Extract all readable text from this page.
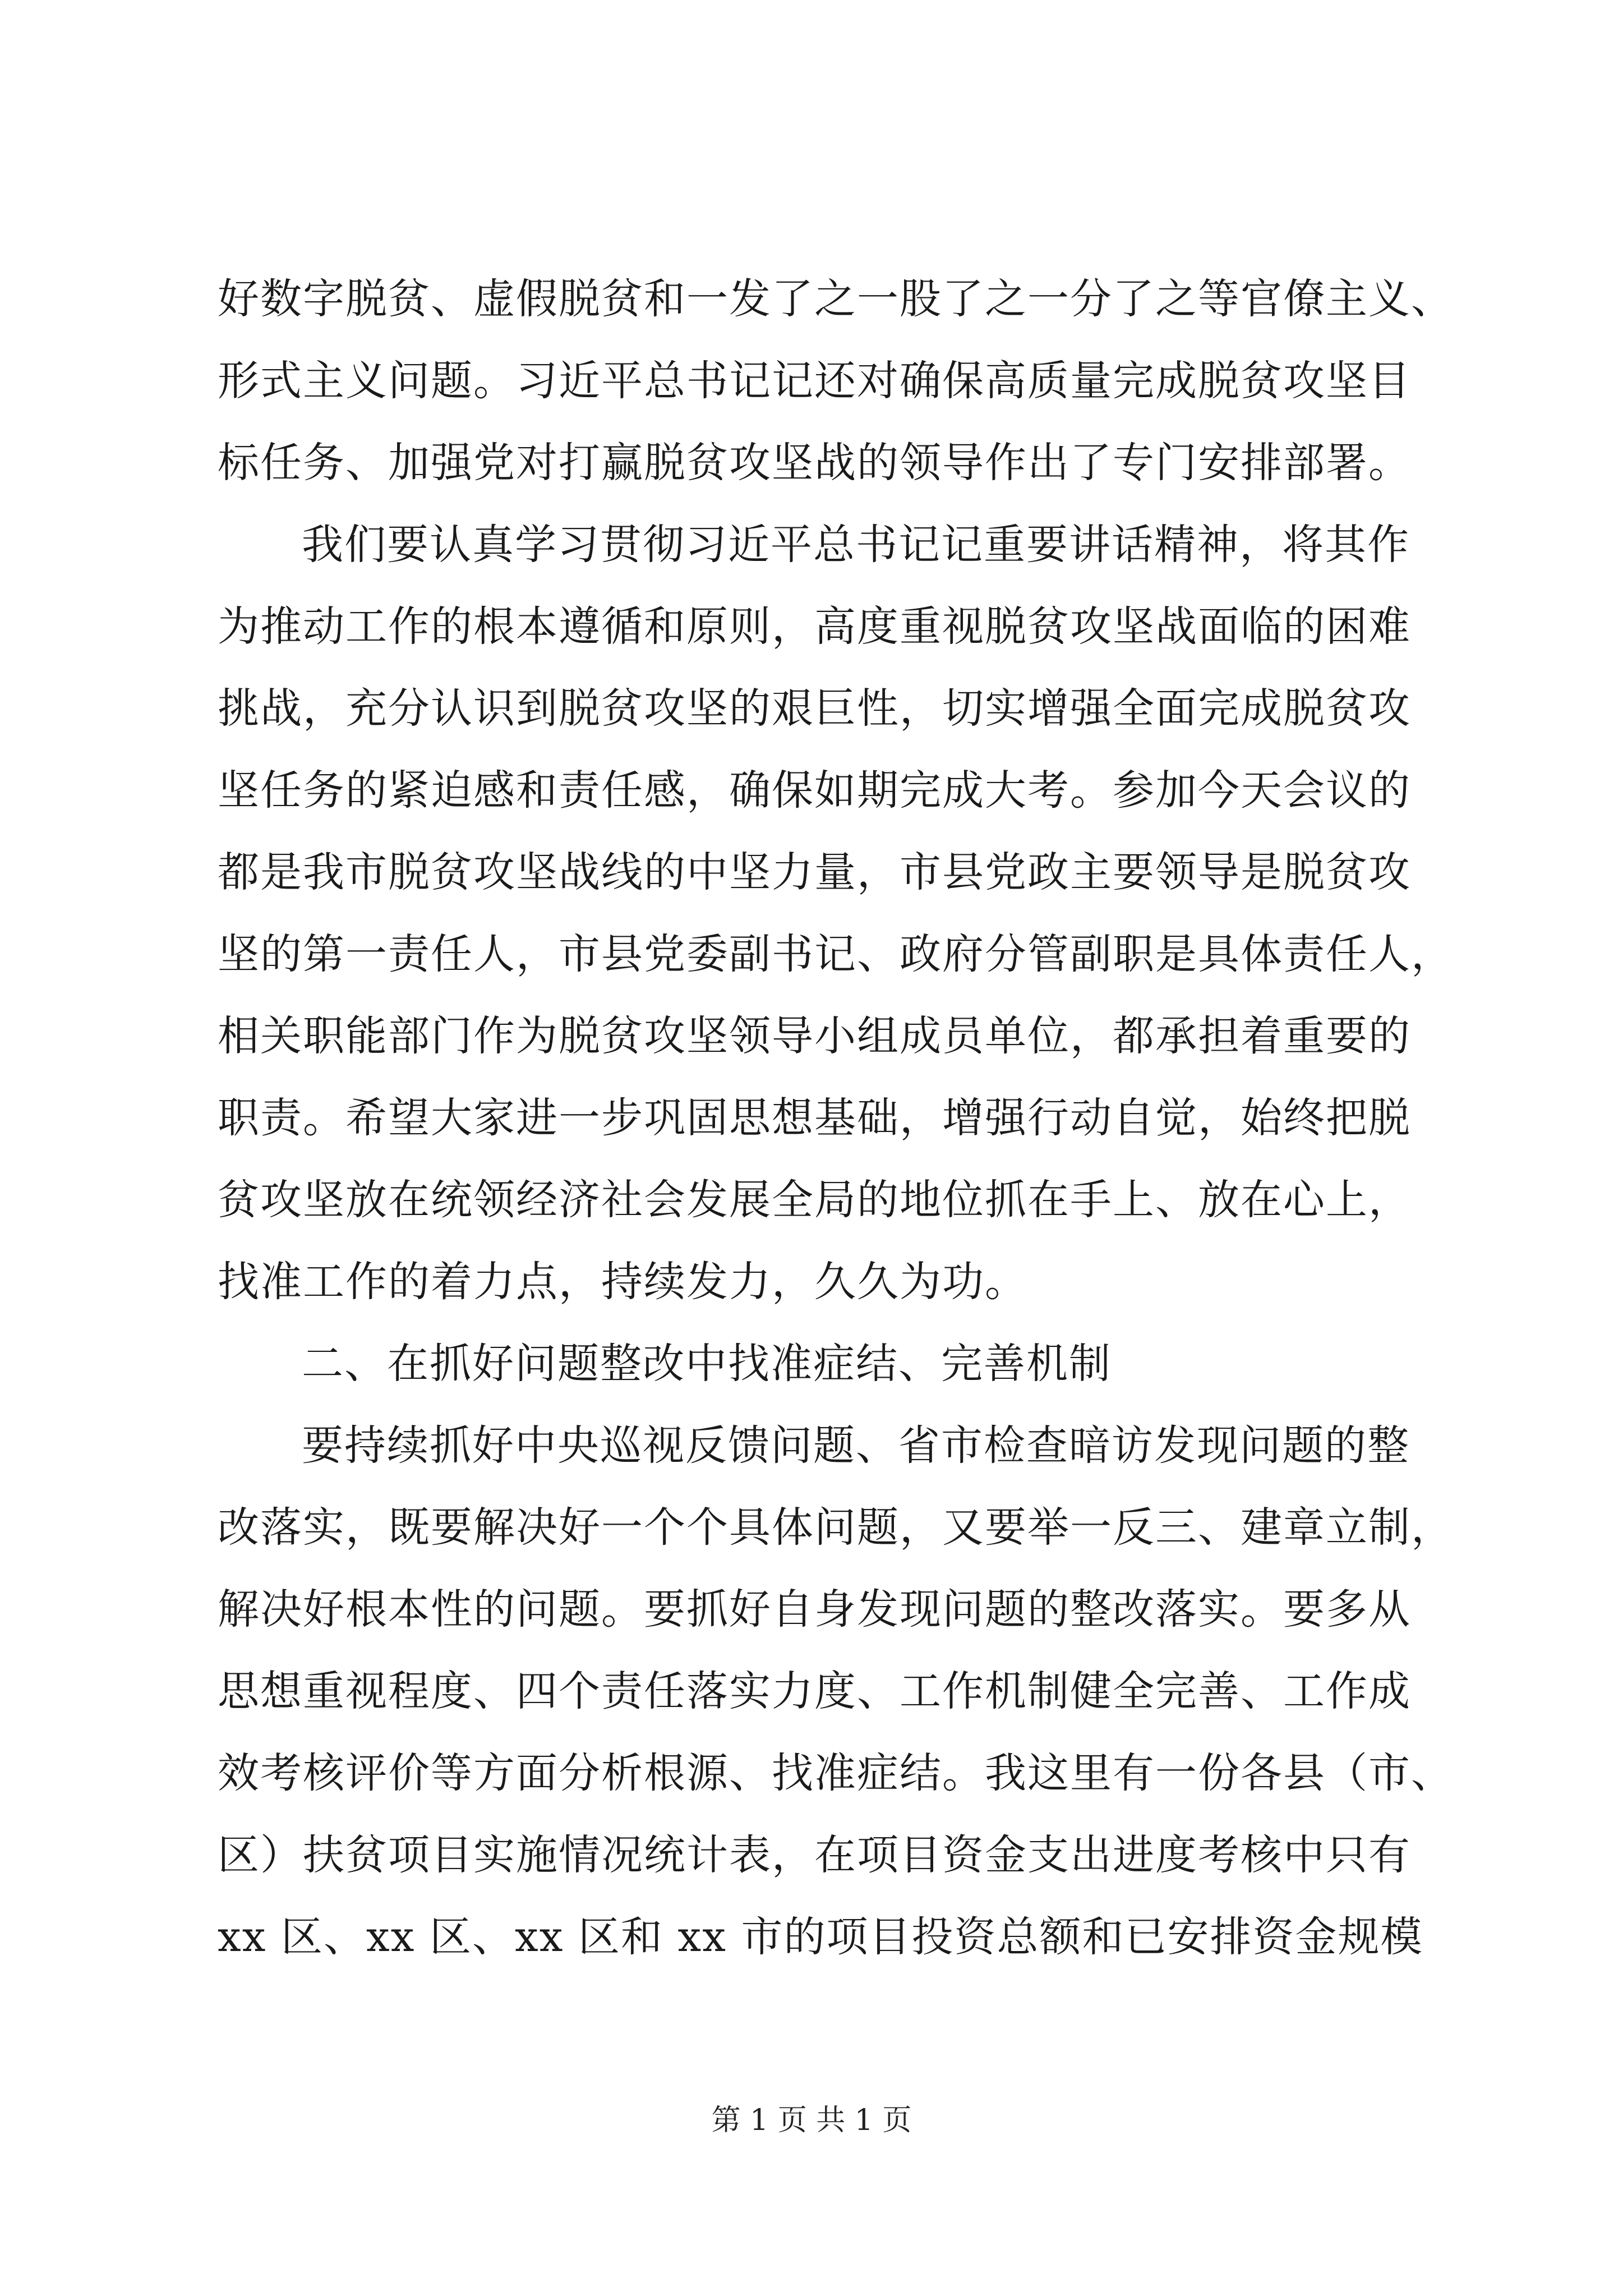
好数字脱贫、虚假脱贫和一发了之一股了之一分了之等官僚主义、
形式主义问题。习近平总书记记还对确保高质量完成脱贫攻坚目
标任务、加强党对打赢脱贫攻坚战的领导作出了专门安排部署。
我们要认真学习贯彻习近平总书记记重要讲话精神，将其作
为推动工作的根本遵循和原则，高度重视脱贫攻坚战面临的困难
挑战，充分认识到脱贫攻坚的艰巨性，切实增强全面完成脱贫攻
坚任务的紧迫感和责任感，确保如期完成大考。参加今天会议的
都是我市脱贫攻坚战线的中坚力量，市县党政主要领导是脱贫攻
坚的第一责任人，市县党委副书记、政府分管副职是具体责任人，
相关职能部门作为脱贫攻坚领导小组成员单位，都承担着重要的
职责。希望大家进一步巩固思想基础，增强行动自觉，始终把脱
贫攻坚放在统领经济社会发展全局的地位抓在手上、放在心上，
找准工作的着力点，持续发力，久久为功。
二、在抓好问题整改中找准症结、完善机制
要持续抓好中央巡视反馈问题、省市检查暗访发现问题的整
改落实，既要解决好一个个具体问题，又要举一反三、建章立制，
解决好根本性的问题。要抓好自身发现问题的整改落实。要多从
思想重视程度、四个责任落实力度、工作机制健全完善、工作成
效考核评价等方面分析根源、找准症结。我这里有一份各县（市、
区）扶贫项目实施情况统计表，在项目资金支出进度考核中只有
xx 区、xx 区、xx 区和 xx 市的项目投资总额和已安排资金规模
第 1 页 共 1 页
